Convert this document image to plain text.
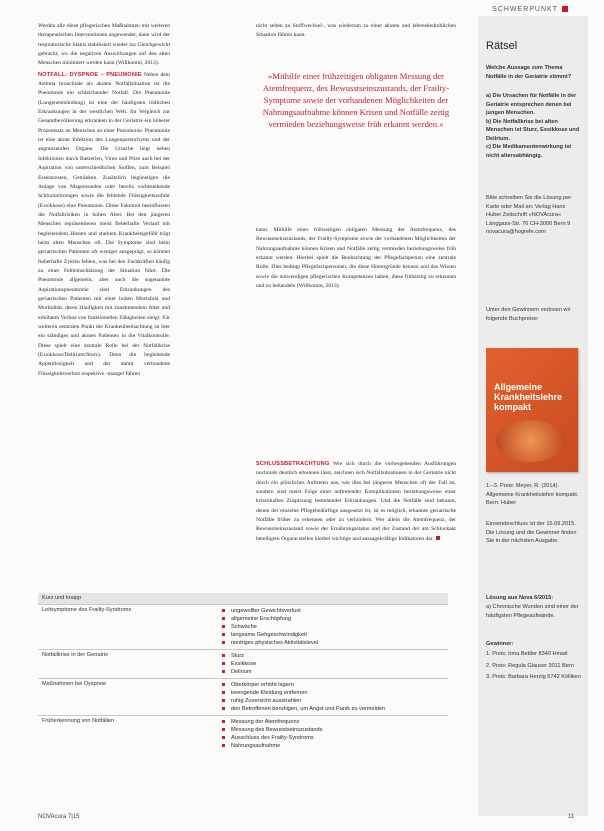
SCHWERPUNKT

Werden alle diese pflegerischen Maßnahmen mit weiteren therapeutischen Interventionen angewendet, dann wird der respiratorische Status stabilisiert wieder ins Gleichgewicht gebracht, wo die negativen Auswirkungen auf den alten Menschen minimiert werden kann (Willkomm, 2013).

NOTFALL: DYSPNOE – PNEUMONIE Neben dem Asthma bronchiale als akuten Notfallsituation ist die Pneumonie ein schleichender Notfall. Die Pneumonie (Lungenentzündung) ist eine der häufigsten tödlichen Erkrankungen in der westlichen Welt. Im Vergleich zur Gesamtbevölkerung erkranken in der Geriatrie ein höherer Prozentsatz an Menschen an einer Pneumonie. Pneumonie ist eine akute Infektion des Lungenparenchyms und der angrenzenden Organe. Die Ursache liegt neben Infektionen durch Bakterien, Viren und Pilze auch bei der Aspiration von unterschiedlichen Stoffen, zum Beispiel Essensresten, Getränken. Zusätzlich begünstigen die Anlage von Magensonden oder bereits vorbestehende Schluckstörungen sowie die fehlende Flüssigkeitszufuhr (Exsikkose) eine Pneumonie. Diese Faktoren beeinflussen die Notfallrisiken in hohen Alter. Bei den jüngeren Menschen repräsentieren meist fieberhafte Verlauf mit begleitendem Husten und starkem Krankheitsgefühl trägt beim alten Menschen oft. Die Symptome sind beim geriatrischen Patienten oft weniger ausgeprägt, so können fieberhafte Zyklen fehlen, was bei den Fachkräften häufig zu einer Fehleinschätzung der Situation führt. Die Pneumonie allgemein, aber auch die sogenannte Aspirationspneumonie sind Erkrankungen des geriatrischen Patienten mit einer hohen Mortalität und Morbidität, deren Häufigkeit mit zunehmendem Alter und erhöhtem Verlust von funktionellen Fähigkeiten steigt. Für weiteren zentralen Punkt der Krankenbeobachtung ist hier ein ständiges und akutes Patienten in die Vitalkontrolle. Diese spielt eine zentrale Rolle bei der Notfallkrise (Exsikkose/Delirium/Sturz). Denn die begleitende Appetitlosigkeit und der damit verbundene Flüssigkeitsverlust respektive -mangel führen

nicht selten zu Stoffwechsel-, was wiederum zu einer akuten und lebensbedrohlichen Situation führen kann.

»Mithilfe einer frühzeitigen obligaten Messung der Atemfrequenz, des Bewusstseinszustands, der Frailty-Symptome sowie der vorhandenen Möglichkeiten der Nahrungsaufnahme können Krisen und Notfälle zeitig vermieden beziehungsweise früh erkannt werden.«

kann. Mithilfe einer frühzeitigen obligaten Messung der Atemfrequenz, des Bewusstseinszustands, der Frailty-Symptome sowie der vorhandenen Möglichkeiten der Nahrungsaufnahme können Krisen und Notfälle zeitig vermieden beziehungsweise früh erkannt werden. Hierbei spielt die Beobachtung der Pflegefachperson eine zentrale Rolle. Dies bedingt Pflegefachpersonen, die diese Hintergründe kennen und das Wissen sowie die notwendigen pflegerischen Kompetenzen haben, diese frühzeitig zu erkennen und zu behandeln (Willkomm, 2013).

SCHLUSSBETRACHTUNG Wie sich durch die vorhergehenden Ausführungen nochmals deutlich erkennen lässt, zeichnen sich Notfallsituationen in der Geriatrie nicht durch ein plötzliches Auftreten aus, wie dies bei jüngeren Menschen oft der Fall ist, sondern sind meist Folge einer auftretender Komplikationen beziehungsweise einer krisenhaften Zuspitzung bestehender Erkrankungen. Und die Notfälle sind bekannt, denen der einzelne Pflegebedürftige ausgesetzt ist, ist es möglich, erkannte geriatrische Notfälle früher zu erkennen oder zu verhindern. Wer allein die Atemfrequenz, der Bewusstseinszustand sowie der Ernährungsstatus und der Zustand der am Schluckakt beteiligten Organe stellen hierbei wichtige und aussagekräftige Indikatoren dar.

Rätsel
Welche Aussage zum Thema Notfälle in der Geriatrie stimmt?
a) Die Ursachen für Notfälle in der Geriatrie entsprechen denen bei jungen Menschen.
b) Die Notfallkrise bei alten Menschen ist Sturz, Exsikkose und Delirium.
c) Die Medikamentenwirkung ist nicht altersabhängig.
Bitte schreiben Sie die Lösung per Karte oder Mail an: Verlag Hans Huber Zeitschrift »NOVAcura« Länggass-Str. 76 CH-3000 Bern 9 novacura@hogrefe.com
Unter den Gewinnern verlosen wir folgende Buchpreise:
Allgemeine Krankheitslehre kompakt
1.–3. Preis: Meyer, R. (2014). Allgemeine Krankheitslehre kompakt. Bern: Huber
Einsendeschluss ist der 15.09.2015. Die Lösung und die Gewinner finden Sie in der nächsten Ausgabe.
Lösung aus Nova 6/2015:
a) Chronische Wunden sind einer der häufigsten Pflegeaufwände.
Gewinner:
1. Preis: Irma Bettler 8340 Hinwil
2. Preis: Regula Glauser 3011 Bern
3. Preis: Barbara Herzig 5742 Kölliken
Kurz und knapp
Leitsymptome des Frailty-Syndroms	ungewollter Gewichtsverlust
allgemeine Erschöpfung
Schwäche
langsame Gehgeschwindigkeit
niedriges physisches Aktivitätslevel
Notfallkrise in der Geriatrie	Sturz
Exsikkose
Delirium
Maßnahmen bei Dyspnoe	Oberkörper erhöht lagern
beengende Kleidung entfernen
ruhig Zuversicht ausstrahlen
den Betroffenen beruhigen, um Angst und Panik zu vermeiden
Früherkennung von Notfällen	Messung der Atemfrequenz
Messung des Bewusstseinszustands
Ausschluss des Frailty-Syndroms
Nahrungsaufnahme
NOVAcura 7|15	11
